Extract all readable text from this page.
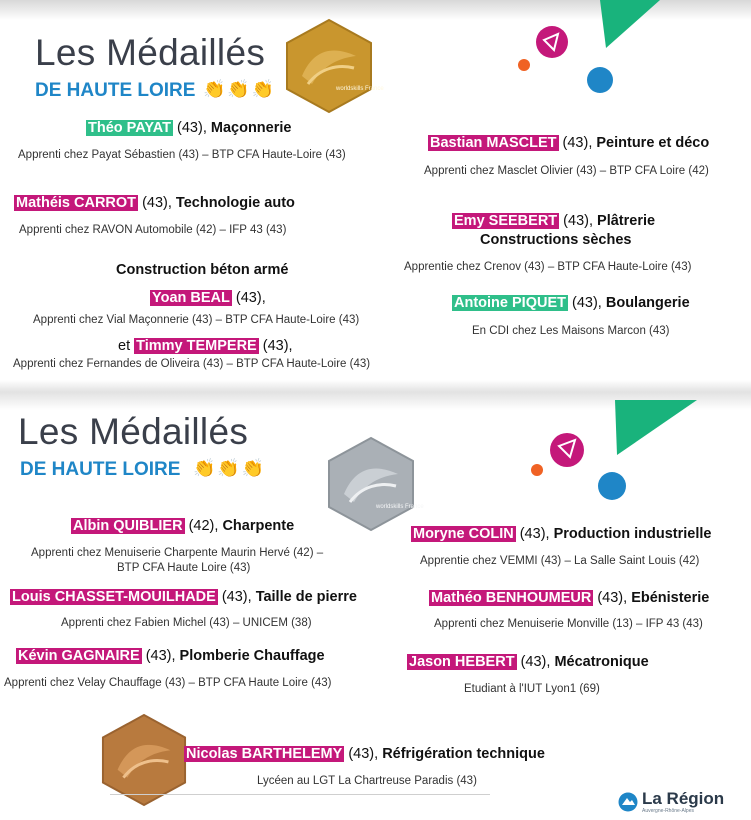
Les Médaillés
DE HAUTE LOIRE 👏👏👏	worldskills France
Théo PAYAT (43), Maçonnerie
Apprenti chez Payat Sébastien (43) – BTP CFA Haute-Loire (43)
Mathéis CARROT (43), Technologie auto
Apprenti chez RAVON Automobile (42) – IFP 43 (43)
Construction béton armé
Yoan BEAL (43),
Apprenti chez Vial Maçonnerie (43) – BTP CFA Haute-Loire (43)
et Timmy TEMPERE (43),
Apprenti chez Fernandes de Oliveira (43) – BTP CFA Haute-Loire (43)
Bastian MASCLET (43), Peinture et déco
Apprenti chez Masclet Olivier (43) – BTP CFA Loire (42)
Emy SEEBERT (43), Plâtrerie
Constructions sèches
Apprentie chez Crenov (43) – BTP CFA Haute-Loire (43)
Antoine PIQUET (43), Boulangerie
En CDI chez Les Maisons Marcon (43)
Les Médaillés
DE HAUTE LOIRE 👏👏👏
worldskills France
Albin QUIBLIER (42), Charpente
Apprenti chez Menuiserie Charpente Maurin Hervé (42) –
BTP CFA Haute Loire (43)
Louis CHASSET-MOUILHADE (43), Taille de pierre
Apprenti chez Fabien Michel (43) – UNICEM (38)
Kévin GAGNAIRE (43), Plomberie Chauffage
Apprenti chez Velay Chauffage (43) – BTP CFA Haute Loire (43)
Moryne COLIN (43), Production industrielle
Apprentie chez VEMMI (43) – La Salle Saint Louis (42)
Mathéo BENHOUMEUR (43), Ebénisterie
Apprenti chez Menuiserie Monville (13) – IFP 43 (43)
Jason HEBERT (43), Mécatronique
Etudiant à l'IUT Lyon1 (69)
Nicolas BARTHELEMY (43), Réfrigération technique
Lycéen au LGT La Chartreuse Paradis (43)
La Région
Auvergne-Rhône-Alpes
